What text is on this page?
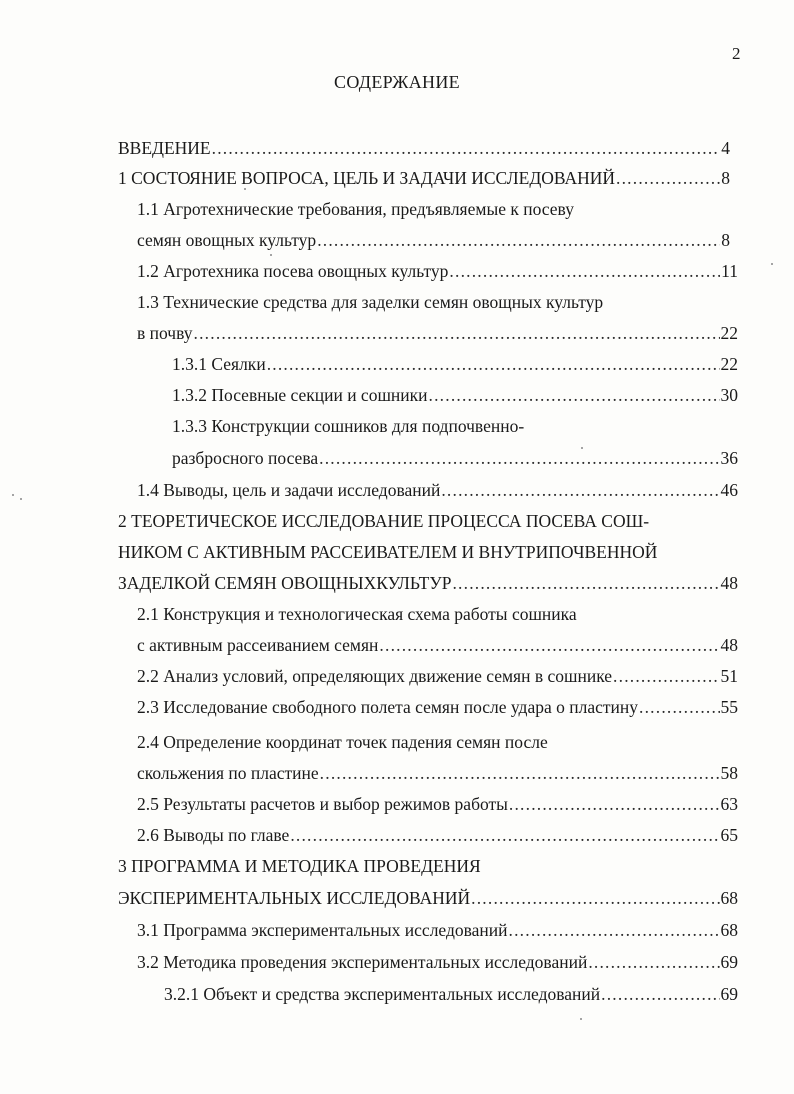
2
СОДЕРЖАНИЕ
ВВЕДЕНИЕ .....	4
1 СОСТОЯНИЕ ВОПРОСА, ЦЕЛЬ И ЗАДАЧИ ИССЛЕДОВАНИЙ .....	8
1.1 Агротехнические требования, предъявляемые к посеву
семян овощных культур .....	8
1.2 Агротехника посева овощных культур .....	11
1.3 Технические средства для заделки семян овощных культур
в почву .....	22
1.3.1 Сеялки .....	22
1.3.2 Посевные секции и сошники .....	30
1.3.3 Конструкции сошников для подпочвенно-
разбросного посева .....	36
1.4 Выводы, цель и задачи исследований .....	46
2 ТЕОРЕТИЧЕСКОЕ ИССЛЕДОВАНИЕ ПРОЦЕССА ПОСЕВА СОШ-
НИКОМ С АКТИВНЫМ РАССЕИВАТЕЛЕМ И ВНУТРИПОЧВЕННОЙ
ЗАДЕЛКОЙ СЕМЯН ОВОЩНЫХКУЛЬТУР .....	48
2.1 Конструкция и технологическая схема работы сошника
с активным рассеиванием семян .....	48
2.2 Анализ условий, определяющих движение семян в сошнике .....	51
2.3 Исследование свободного полета семян после удара о пластину .....	55
2.4 Определение координат точек падения семян после
скольжения по пластине .....	58
2.5 Результаты расчетов и выбор режимов работы .....	63
2.6 Выводы по главе .....	65
3 ПРОГРАММА И МЕТОДИКА ПРОВЕДЕНИЯ
ЭКСПЕРИМЕНТАЛЬНЫХ ИССЛЕДОВАНИЙ .....	68
3.1 Программа экспериментальных исследований .....	68
3.2 Методика проведения экспериментальных исследований .....	69
3.2.1 Объект и средства экспериментальных исследований .....	69
